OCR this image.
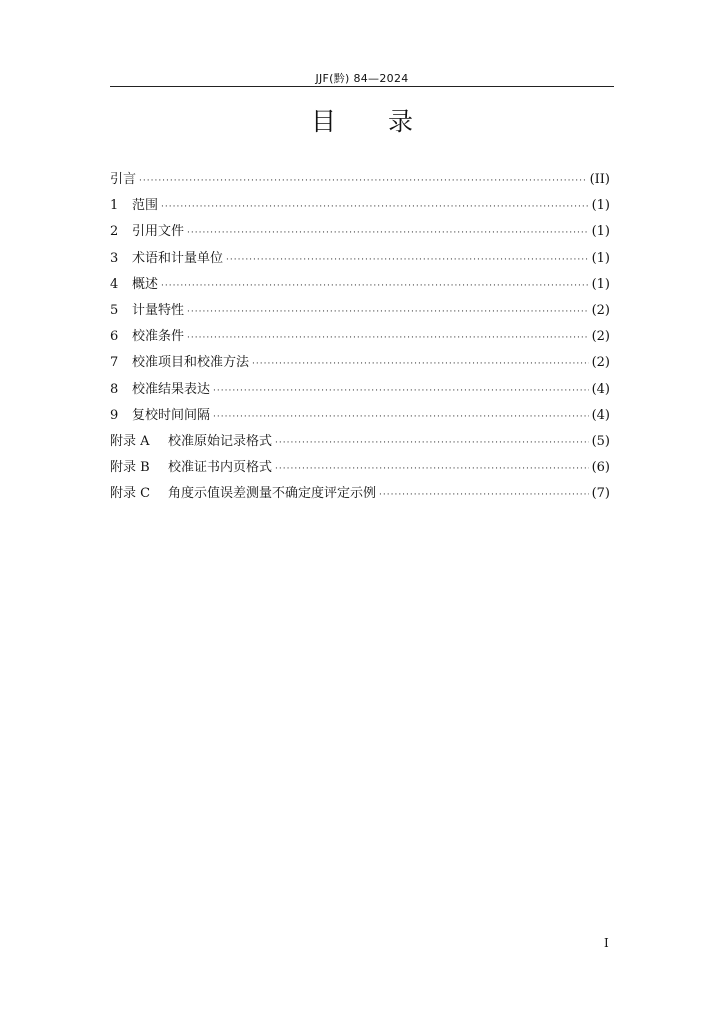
JJF(黔) 84—2024
目 录
引言 ·····	(II)
1	范围 ·····	(1)
2	引用文件 ·····	(1)
3	术语和计量单位 ·····	(1)
4	概述 ·····	(1)
5	计量特性 ·····	(2)
6	校准条件 ·····	(2)
7	校准项目和校准方法 ·····	(2)
8	校准结果表达 ·····	(4)
9	复校时间间隔 ·····	(4)
附录 A	校准原始记录格式 ·····	(5)
附录 B	校准证书内页格式 ·····	(6)
附录 C	角度示值误差测量不确定度评定示例 ·····	(7)
I
